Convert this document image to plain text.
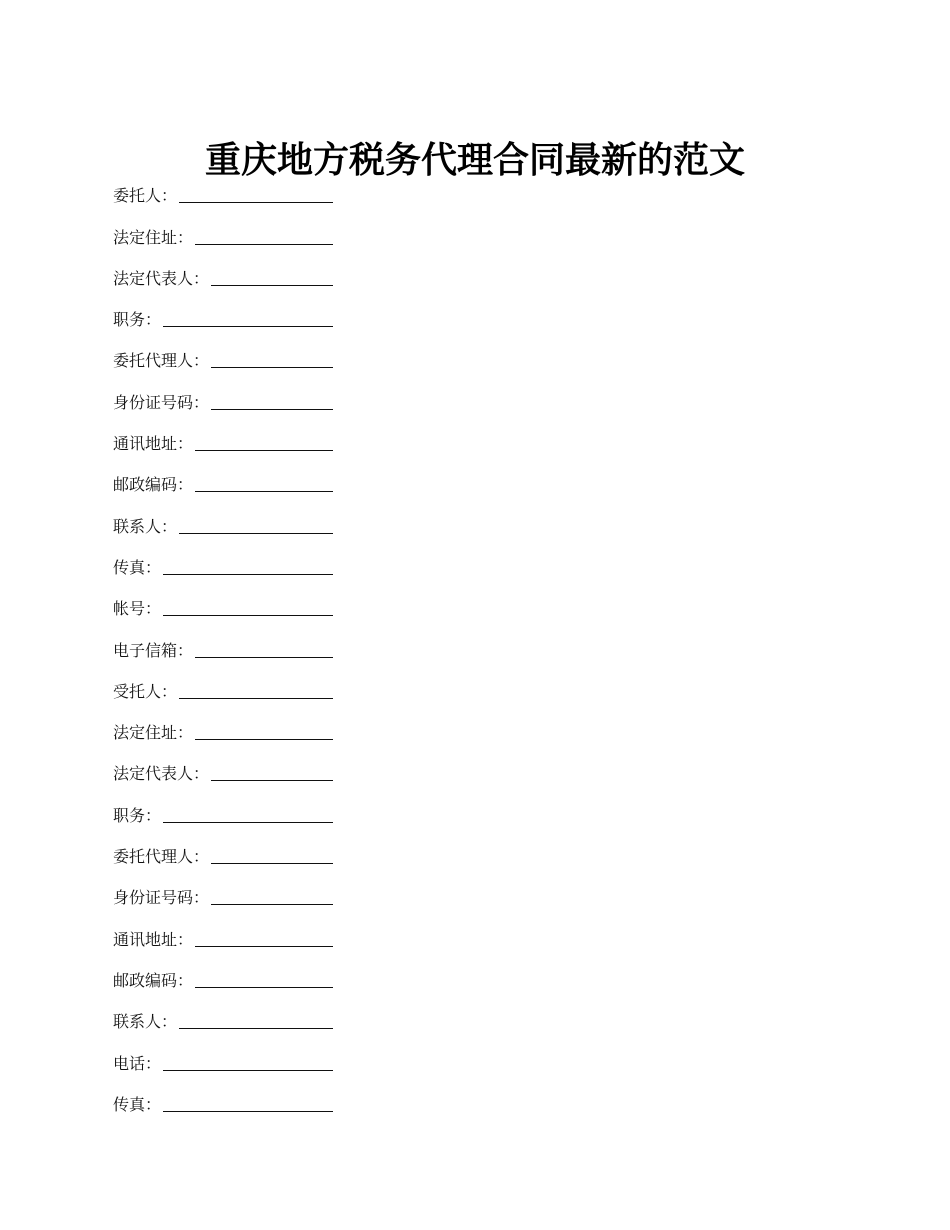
重庆地方税务代理合同最新的范文
委托人：
法定住址：
法定代表人：
职务：
委托代理人：
身份证号码：
通讯地址：
邮政编码：
联系人：
传真：
帐号：
电子信箱：
受托人：
法定住址：
法定代表人：
职务：
委托代理人：
身份证号码：
通讯地址：
邮政编码：
联系人：
电话：
传真：
